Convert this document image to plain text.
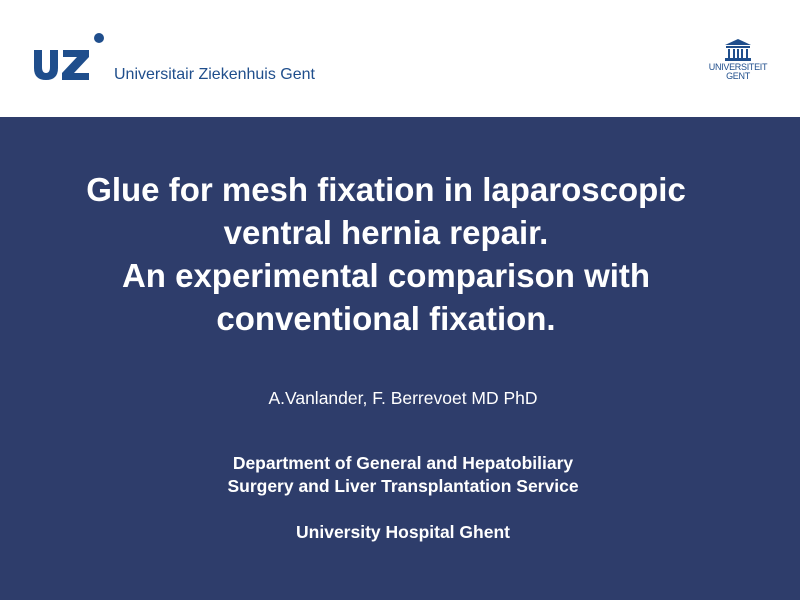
Universitair Ziekenhuis Gent	UNIVERSITEIT
GENT
Glue for mesh fixation in laparoscopic
ventral hernia repair.
An experimental comparison with
conventional fixation.
A.Vanlander, F. Berrevoet MD PhD
Department of General and Hepatobiliary
Surgery and Liver Transplantation Service
University Hospital Ghent
